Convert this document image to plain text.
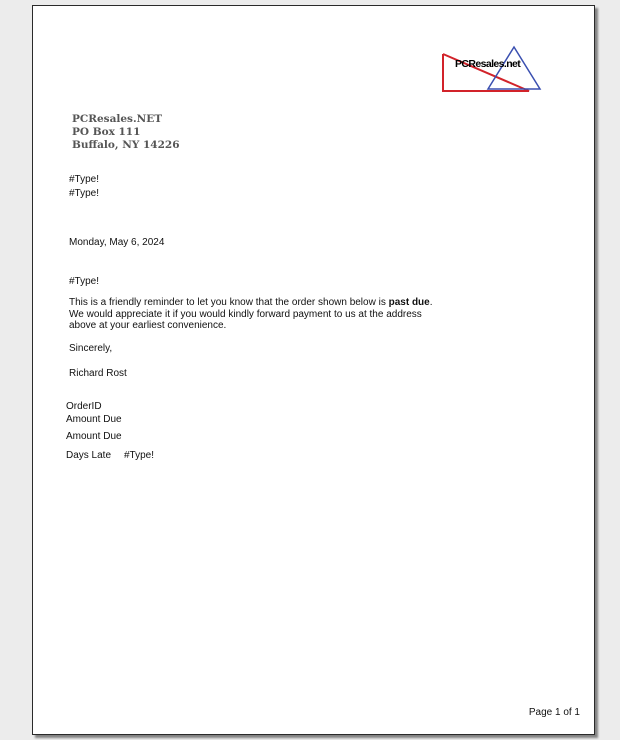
PCResales.net
PCResales.NET
PO Box 111
Buffalo, NY 14226
#Type!
#Type!
Monday, May 6, 2024
#Type!
This is a friendly reminder to let you know that the order shown below is past due. We would appreciate it if you would kindly forward payment to us at the address above at your earliest convenience.
Sincerely,
Richard Rost
OrderID
Amount Due
Amount Due
Days Late #Type!
Page 1 of 1
